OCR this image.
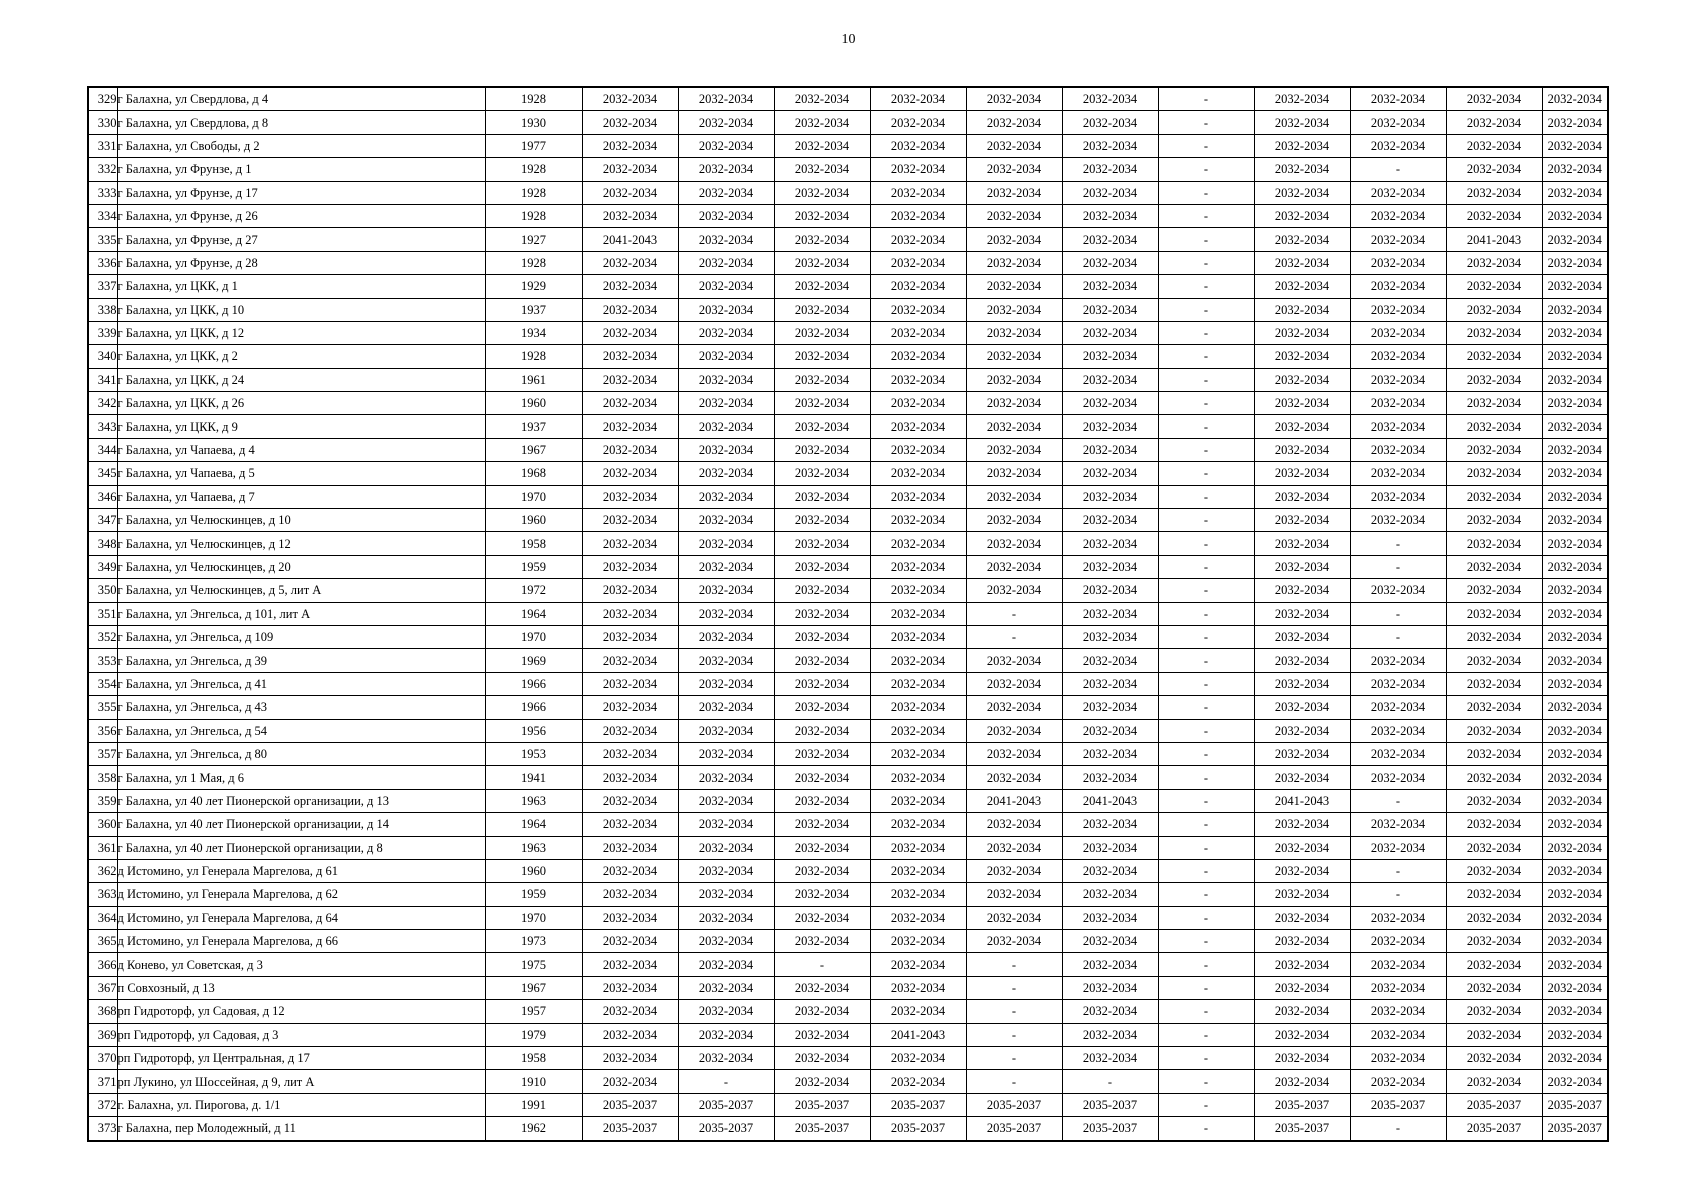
10
329	г Балахна, ул Свердлова, д 4	1928	2032-2034	2032-2034	2032-2034	2032-2034	2032-2034	2032-2034	-	2032-2034	2032-2034	2032-2034	2032-2034
330	г Балахна, ул Свердлова, д 8	1930	2032-2034	2032-2034	2032-2034	2032-2034	2032-2034	2032-2034	-	2032-2034	2032-2034	2032-2034	2032-2034
331	г Балахна, ул Свободы, д 2	1977	2032-2034	2032-2034	2032-2034	2032-2034	2032-2034	2032-2034	-	2032-2034	2032-2034	2032-2034	2032-2034
332	г Балахна, ул Фрунзе, д 1	1928	2032-2034	2032-2034	2032-2034	2032-2034	2032-2034	2032-2034	-	2032-2034	-	2032-2034	2032-2034
333	г Балахна, ул Фрунзе, д 17	1928	2032-2034	2032-2034	2032-2034	2032-2034	2032-2034	2032-2034	-	2032-2034	2032-2034	2032-2034	2032-2034
334	г Балахна, ул Фрунзе, д 26	1928	2032-2034	2032-2034	2032-2034	2032-2034	2032-2034	2032-2034	-	2032-2034	2032-2034	2032-2034	2032-2034
335	г Балахна, ул Фрунзе, д 27	1927	2041-2043	2032-2034	2032-2034	2032-2034	2032-2034	2032-2034	-	2032-2034	2032-2034	2041-2043	2032-2034
336	г Балахна, ул Фрунзе, д 28	1928	2032-2034	2032-2034	2032-2034	2032-2034	2032-2034	2032-2034	-	2032-2034	2032-2034	2032-2034	2032-2034
337	г Балахна, ул ЦКК, д 1	1929	2032-2034	2032-2034	2032-2034	2032-2034	2032-2034	2032-2034	-	2032-2034	2032-2034	2032-2034	2032-2034
338	г Балахна, ул ЦКК, д 10	1937	2032-2034	2032-2034	2032-2034	2032-2034	2032-2034	2032-2034	-	2032-2034	2032-2034	2032-2034	2032-2034
339	г Балахна, ул ЦКК, д 12	1934	2032-2034	2032-2034	2032-2034	2032-2034	2032-2034	2032-2034	-	2032-2034	2032-2034	2032-2034	2032-2034
340	г Балахна, ул ЦКК, д 2	1928	2032-2034	2032-2034	2032-2034	2032-2034	2032-2034	2032-2034	-	2032-2034	2032-2034	2032-2034	2032-2034
341	г Балахна, ул ЦКК, д 24	1961	2032-2034	2032-2034	2032-2034	2032-2034	2032-2034	2032-2034	-	2032-2034	2032-2034	2032-2034	2032-2034
342	г Балахна, ул ЦКК, д 26	1960	2032-2034	2032-2034	2032-2034	2032-2034	2032-2034	2032-2034	-	2032-2034	2032-2034	2032-2034	2032-2034
343	г Балахна, ул ЦКК, д 9	1937	2032-2034	2032-2034	2032-2034	2032-2034	2032-2034	2032-2034	-	2032-2034	2032-2034	2032-2034	2032-2034
344	г Балахна, ул Чапаева, д 4	1967	2032-2034	2032-2034	2032-2034	2032-2034	2032-2034	2032-2034	-	2032-2034	2032-2034	2032-2034	2032-2034
345	г Балахна, ул Чапаева, д 5	1968	2032-2034	2032-2034	2032-2034	2032-2034	2032-2034	2032-2034	-	2032-2034	2032-2034	2032-2034	2032-2034
346	г Балахна, ул Чапаева, д 7	1970	2032-2034	2032-2034	2032-2034	2032-2034	2032-2034	2032-2034	-	2032-2034	2032-2034	2032-2034	2032-2034
347	г Балахна, ул Челюскинцев, д 10	1960	2032-2034	2032-2034	2032-2034	2032-2034	2032-2034	2032-2034	-	2032-2034	2032-2034	2032-2034	2032-2034
348	г Балахна, ул Челюскинцев, д 12	1958	2032-2034	2032-2034	2032-2034	2032-2034	2032-2034	2032-2034	-	2032-2034	-	2032-2034	2032-2034
349	г Балахна, ул Челюскинцев, д 20	1959	2032-2034	2032-2034	2032-2034	2032-2034	2032-2034	2032-2034	-	2032-2034	-	2032-2034	2032-2034
350	г Балахна, ул Челюскинцев, д 5, лит А	1972	2032-2034	2032-2034	2032-2034	2032-2034	2032-2034	2032-2034	-	2032-2034	2032-2034	2032-2034	2032-2034
351	г Балахна, ул Энгельса, д 101, лит А	1964	2032-2034	2032-2034	2032-2034	2032-2034	-	2032-2034	-	2032-2034	-	2032-2034	2032-2034
352	г Балахна, ул Энгельса, д 109	1970	2032-2034	2032-2034	2032-2034	2032-2034	-	2032-2034	-	2032-2034	-	2032-2034	2032-2034
353	г Балахна, ул Энгельса, д 39	1969	2032-2034	2032-2034	2032-2034	2032-2034	2032-2034	2032-2034	-	2032-2034	2032-2034	2032-2034	2032-2034
354	г Балахна, ул Энгельса, д 41	1966	2032-2034	2032-2034	2032-2034	2032-2034	2032-2034	2032-2034	-	2032-2034	2032-2034	2032-2034	2032-2034
355	г Балахна, ул Энгельса, д 43	1966	2032-2034	2032-2034	2032-2034	2032-2034	2032-2034	2032-2034	-	2032-2034	2032-2034	2032-2034	2032-2034
356	г Балахна, ул Энгельса, д 54	1956	2032-2034	2032-2034	2032-2034	2032-2034	2032-2034	2032-2034	-	2032-2034	2032-2034	2032-2034	2032-2034
357	г Балахна, ул Энгельса, д 80	1953	2032-2034	2032-2034	2032-2034	2032-2034	2032-2034	2032-2034	-	2032-2034	2032-2034	2032-2034	2032-2034
358	г Балахна, ул 1 Мая, д 6	1941	2032-2034	2032-2034	2032-2034	2032-2034	2032-2034	2032-2034	-	2032-2034	2032-2034	2032-2034	2032-2034
359	г Балахна, ул 40 лет Пионерской организации, д 13	1963	2032-2034	2032-2034	2032-2034	2032-2034	2041-2043	2041-2043	-	2041-2043	-	2032-2034	2032-2034
360	г Балахна, ул 40 лет Пионерской организации, д 14	1964	2032-2034	2032-2034	2032-2034	2032-2034	2032-2034	2032-2034	-	2032-2034	2032-2034	2032-2034	2032-2034
361	г Балахна, ул 40 лет Пионерской организации, д 8	1963	2032-2034	2032-2034	2032-2034	2032-2034	2032-2034	2032-2034	-	2032-2034	2032-2034	2032-2034	2032-2034
362	д Истомино, ул Генерала Маргелова, д 61	1960	2032-2034	2032-2034	2032-2034	2032-2034	2032-2034	2032-2034	-	2032-2034	-	2032-2034	2032-2034
363	д Истомино, ул Генерала Маргелова, д 62	1959	2032-2034	2032-2034	2032-2034	2032-2034	2032-2034	2032-2034	-	2032-2034	-	2032-2034	2032-2034
364	д Истомино, ул Генерала Маргелова, д 64	1970	2032-2034	2032-2034	2032-2034	2032-2034	2032-2034	2032-2034	-	2032-2034	2032-2034	2032-2034	2032-2034
365	д Истомино, ул Генерала Маргелова, д 66	1973	2032-2034	2032-2034	2032-2034	2032-2034	2032-2034	2032-2034	-	2032-2034	2032-2034	2032-2034	2032-2034
366	д Конево, ул Советская, д 3	1975	2032-2034	2032-2034	-	2032-2034	-	2032-2034	-	2032-2034	2032-2034	2032-2034	2032-2034
367	п Совхозный, д 13	1967	2032-2034	2032-2034	2032-2034	2032-2034	-	2032-2034	-	2032-2034	2032-2034	2032-2034	2032-2034
368	рп Гидроторф, ул Садовая, д 12	1957	2032-2034	2032-2034	2032-2034	2032-2034	-	2032-2034	-	2032-2034	2032-2034	2032-2034	2032-2034
369	рп Гидроторф, ул Садовая, д 3	1979	2032-2034	2032-2034	2032-2034	2041-2043	-	2032-2034	-	2032-2034	2032-2034	2032-2034	2032-2034
370	рп Гидроторф, ул Центральная, д 17	1958	2032-2034	2032-2034	2032-2034	2032-2034	-	2032-2034	-	2032-2034	2032-2034	2032-2034	2032-2034
371	рп Лукино, ул Шоссейная, д 9, лит А	1910	2032-2034	-	2032-2034	2032-2034	-	-	-	2032-2034	2032-2034	2032-2034	2032-2034
372	г. Балахна, ул. Пирогова, д. 1/1	1991	2035-2037	2035-2037	2035-2037	2035-2037	2035-2037	2035-2037	-	2035-2037	2035-2037	2035-2037	2035-2037
373	г Балахна, пер Молодежный, д 11	1962	2035-2037	2035-2037	2035-2037	2035-2037	2035-2037	2035-2037	-	2035-2037	-	2035-2037	2035-2037
